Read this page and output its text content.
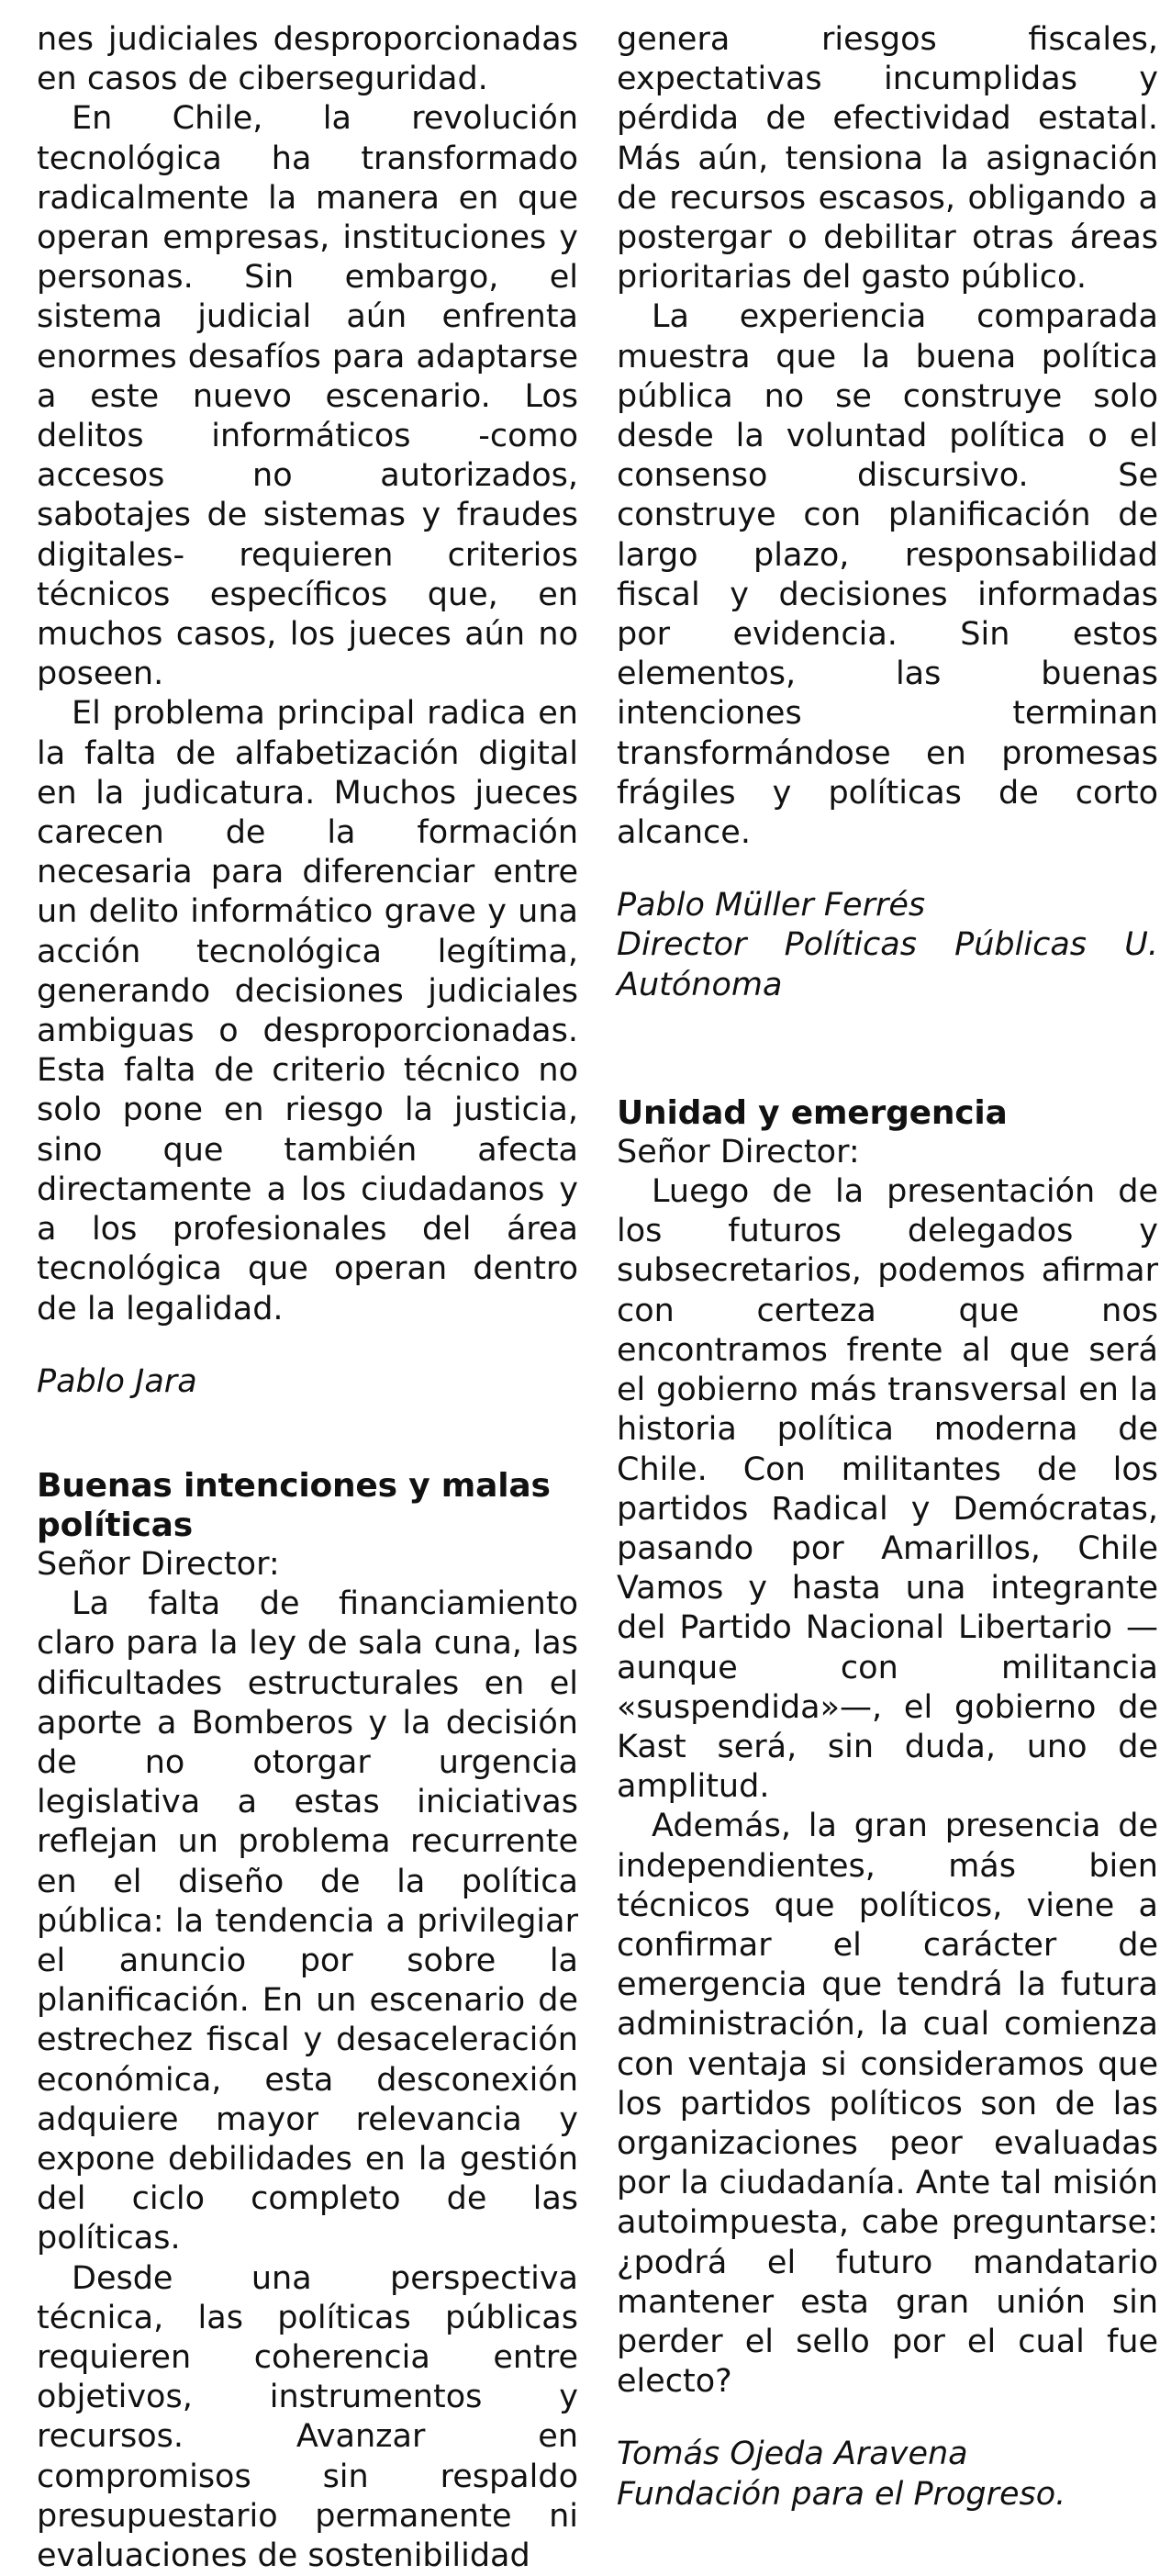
nes judiciales desproporcionadas en casos de ciberseguridad.

En Chile, la revolución tecnológica ha transformado radicalmente la manera en que operan empresas, instituciones y personas. Sin embargo, el sistema judicial aún enfrenta enormes desafíos para adaptarse a este nuevo escenario. Los delitos informáticos -como accesos no autorizados, sabotajes de sistemas y fraudes digitales- requieren criterios técnicos específicos que, en muchos casos, los jueces aún no poseen.

El problema principal radica en la falta de alfabetización digital en la judicatura. Muchos jueces carecen de la formación necesaria para diferenciar entre un delito informático grave y una acción tecnológica legítima, generando decisiones judiciales ambiguas o desproporcionadas. Esta falta de criterio técnico no solo pone en riesgo la justicia, sino que también afecta directamente a los ciudadanos y a los profesionales del área tecnológica que operan dentro de la legalidad.

Pablo Jara

Buenas intenciones y malas políticas

Señor Director:

La falta de financiamiento claro para la ley de sala cuna, las dificultades estructurales en el aporte a Bomberos y la decisión de no otorgar urgencia legislativa a estas iniciativas reflejan un problema recurrente en el diseño de la política pública: la tendencia a privilegiar el anuncio por sobre la planificación. En un escenario de estrechez fiscal y desaceleración económica, esta desconexión adquiere mayor relevancia y expone debilidades en la gestión del ciclo completo de las políticas.

Desde una perspectiva técnica, las políticas públicas requieren coherencia entre objetivos, instrumentos y recursos. Avanzar en compromisos sin respaldo presupuestario permanente ni evaluaciones de sostenibilidad

genera riesgos fiscales, expectativas incumplidas y pérdida de efectividad estatal. Más aún, tensiona la asignación de recursos escasos, obligando a postergar o debilitar otras áreas prioritarias del gasto público.

La experiencia comparada muestra que la buena política pública no se construye solo desde la voluntad política o el consenso discursivo. Se construye con planificación de largo plazo, responsabilidad fiscal y decisiones informadas por evidencia. Sin estos elementos, las buenas intenciones terminan transformándose en promesas frágiles y políticas de corto alcance.

Pablo Müller Ferrés

Director Políticas Públicas U. Autónoma

Unidad y emergencia

Señor Director:

Luego de la presentación de los futuros delegados y subsecretarios, podemos afirmar con certeza que nos encontramos frente al que será el gobierno más transversal en la historia política moderna de Chile. Con militantes de los partidos Radical y Demócratas, pasando por Amarillos, Chile Vamos y hasta una integrante del Partido Nacional Libertario —aunque con militancia «suspendida»—, el gobierno de Kast será, sin duda, uno de amplitud.

Además, la gran presencia de independientes, más bien técnicos que políticos, viene a confirmar el carácter de emergencia que tendrá la futura administración, la cual comienza con ventaja si consideramos que los partidos políticos son de las organizaciones peor evaluadas por la ciudadanía. Ante tal misión autoimpuesta, cabe preguntarse: ¿podrá el futuro mandatario mantener esta gran unión sin perder el sello por el cual fue electo?

Tomás Ojeda Aravena

Fundación para el Progreso.
